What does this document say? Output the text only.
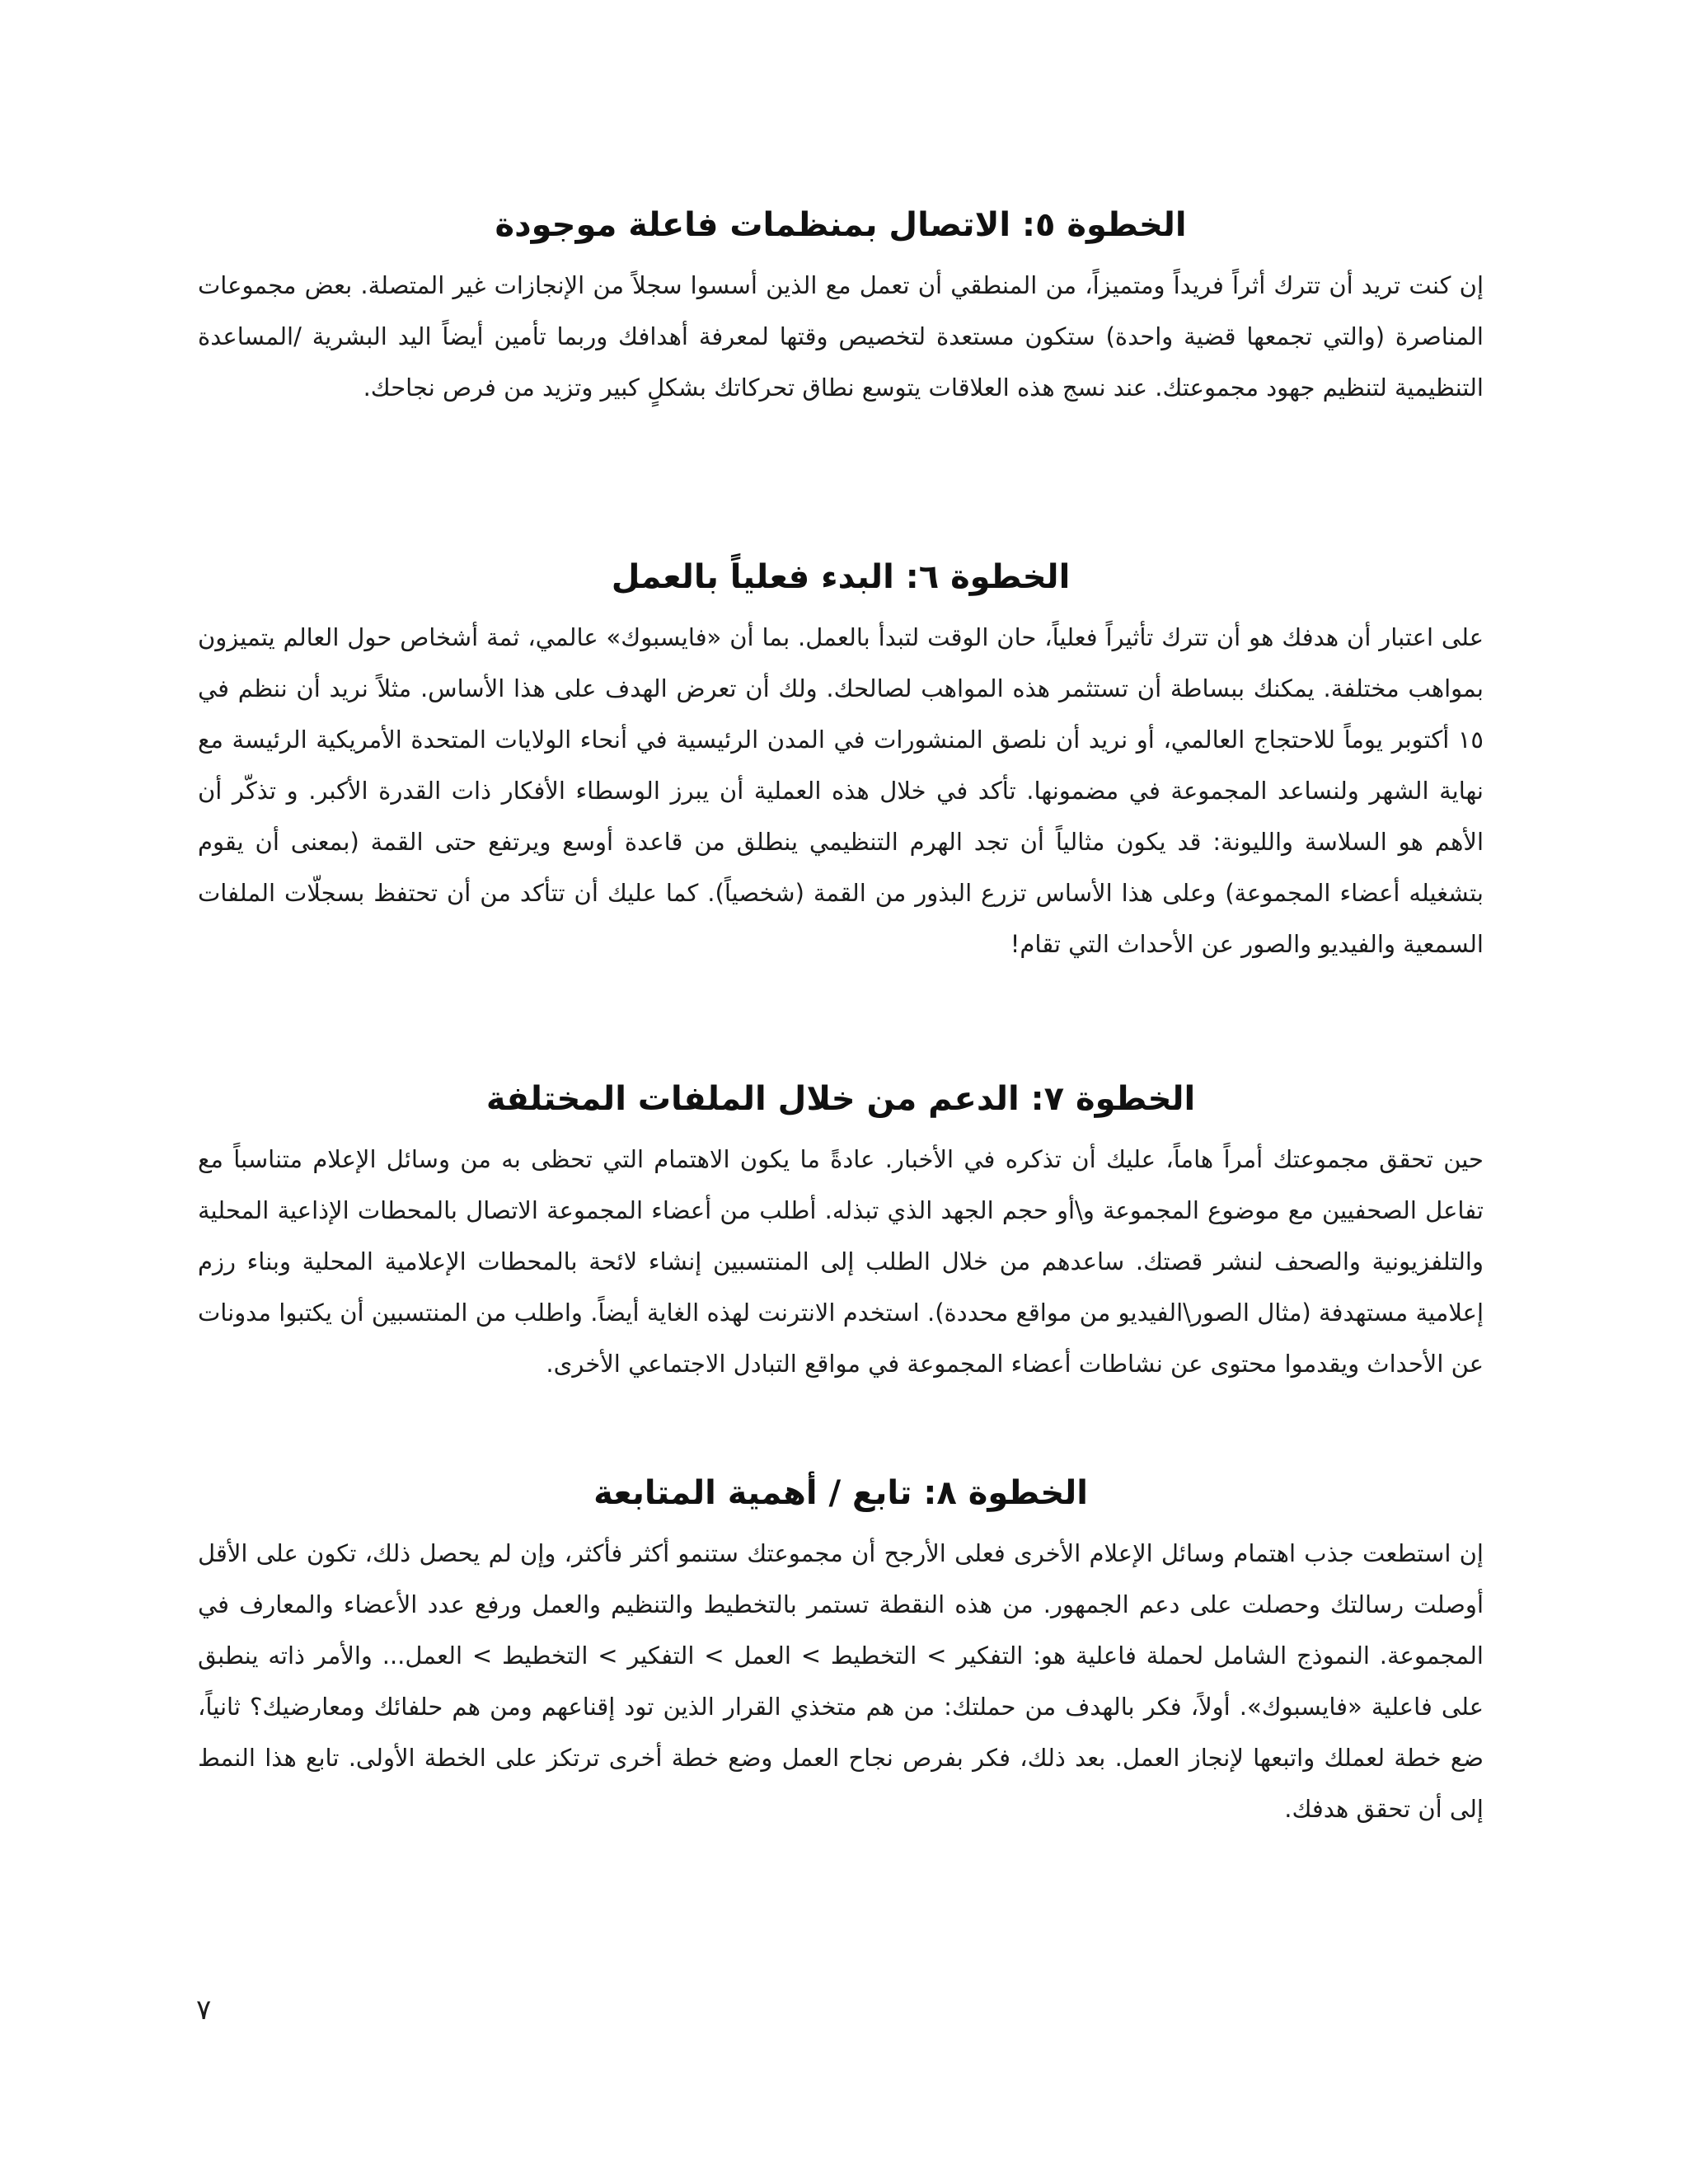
الخطوة ٥: الاتصال بمنظمات فاعلة موجودة

إن كنت تريد أن تترك أثراً فريداً ومتميزاً، من المنطقي أن تعمل مع الذين أسسوا سجلاً من الإنجازات غير المتصلة. بعض مجموعات المناصرة (والتي تجمعها قضية واحدة) ستكون مستعدة لتخصيص وقتها لمعرفة أهدافك وربما تأمين أيضاً اليد البشرية /المساعدة التنظيمية لتنظيم جهود مجموعتك. عند نسج هذه العلاقات يتوسع نطاق تحركاتك بشكلٍ كبير وتزيد من فرص نجاحك.

الخطوة ٦: البدء فعلياً بالعمل

على اعتبار أن هدفك هو أن تترك تأثيراً فعلياً، حان الوقت لتبدأ بالعمل. بما أن «فايسبوك» عالمي، ثمة أشخاص حول العالم يتميزون بمواهب مختلفة. يمكنك ببساطة أن تستثمر هذه المواهب لصالحك. ولك أن تعرض الهدف على هذا الأساس. مثلاً نريد أن ننظم في ١٥ أكتوبر يوماً للاحتجاج العالمي، أو نريد أن نلصق المنشورات في المدن الرئيسية في أنحاء الولايات المتحدة الأمريكية الرئيسة مع نهاية الشهر ولنساعد المجموعة في مضمونها. تأكد في خلال هذه العملية أن يبرز الوسطاء الأفكار ذات القدرة الأكبر. و تذكّر أن الأهم هو السلاسة والليونة: قد يكون مثالياً أن تجد الهرم التنظيمي ينطلق من قاعدة أوسع ويرتفع حتى القمة (بمعنى أن يقوم بتشغيله أعضاء المجموعة) وعلى هذا الأساس تزرع البذور من القمة (شخصياً). كما عليك أن تتأكد من أن تحتفظ بسجلّات الملفات السمعية والفيديو والصور عن الأحداث التي تقام!

الخطوة ٧: الدعم من خلال الملفات المختلفة

حين تحقق مجموعتك أمراً هاماً، عليك أن تذكره في الأخبار. عادةً ما يكون الاهتمام التي تحظى به من وسائل الإعلام متناسباً مع تفاعل الصحفيين مع موضوع المجموعة و\أو حجم الجهد الذي تبذله. أطلب من أعضاء المجموعة الاتصال بالمحطات الإذاعية المحلية والتلفزيونية والصحف لنشر قصتك. ساعدهم من خلال الطلب إلى المنتسبين إنشاء لائحة بالمحطات الإعلامية المحلية وبناء رزم إعلامية مستهدفة (مثال الصور\الفيديو من مواقع محددة). استخدم الانترنت لهذه الغاية أيضاً. واطلب من المنتسبين أن يكتبوا مدونات عن الأحداث ويقدموا محتوى عن نشاطات أعضاء المجموعة في مواقع التبادل الاجتماعي الأخرى.

الخطوة ٨: تابع / أهمية المتابعة

إن استطعت جذب اهتمام وسائل الإعلام الأخرى فعلى الأرجح أن مجموعتك ستنمو أكثر فأكثر، وإن لم يحصل ذلك، تكون على الأقل أوصلت رسالتك وحصلت على دعم الجمهور. من هذه النقطة تستمر بالتخطيط والتنظيم والعمل ورفع عدد الأعضاء والمعارف في المجموعة. النموذج الشامل لحملة فاعلية هو: التفكير > التخطيط > العمل > التفكير > التخطيط > العمل... والأمر ذاته ينطبق على فاعلية «فايسبوك». أولاً، فكر بالهدف من حملتك: من هم متخذي القرار الذين تود إقناعهم ومن هم حلفائك ومعارضيك؟ ثانياً، ضع خطة لعملك واتبعها لإنجاز العمل. بعد ذلك، فكر بفرص نجاح العمل وضع خطة أخرى ترتكز على الخطة الأولى. تابع هذا النمط إلى أن تحقق هدفك.

٧
